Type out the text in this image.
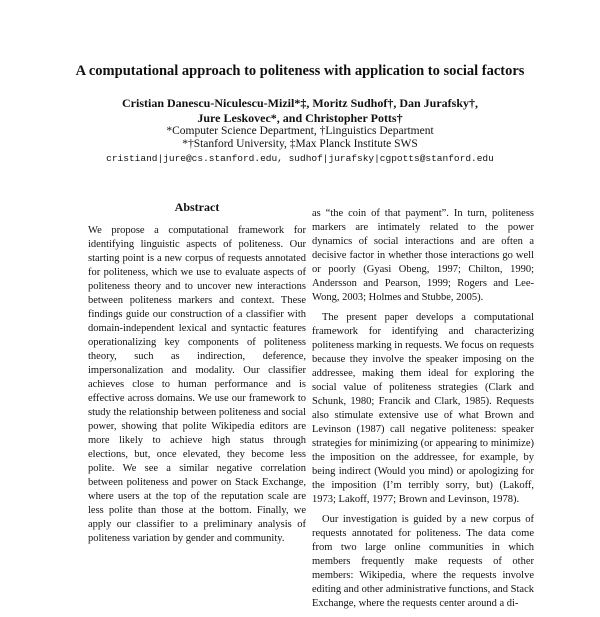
A computational approach to politeness with application to social factors
Cristian Danescu-Niculescu-Mizil*‡, Moritz Sudhof†, Dan Jurafsky†,
Jure Leskovec*, and Christopher Potts†
*Computer Science Department, †Linguistics Department
*†Stanford University, ‡Max Planck Institute SWS
cristiand|jure@cs.stanford.edu, sudhof|jurafsky|cgpotts@stanford.edu
Abstract

We propose a computational framework for identifying linguistic aspects of politeness. Our starting point is a new corpus of requests annotated for politeness, which we use to evaluate aspects of politeness theory and to uncover new interactions between politeness markers and context. These findings guide our construction of a classifier with domain-independent lexical and syntactic features operationalizing key components of politeness theory, such as indirection, deference, impersonalization and modality. Our classifier achieves close to human performance and is effective across domains. We use our framework to study the relationship between politeness and social power, showing that polite Wikipedia editors are more likely to achieve high status through elections, but, once elevated, they become less polite. We see a similar negative correlation between politeness and power on Stack Exchange, where users at the top of the reputation scale are less polite than those at the bottom. Finally, we apply our classifier to a preliminary analysis of politeness variation by gender and community.

as “the coin of that payment”. In turn, politeness markers are intimately related to the power dynamics of social interactions and are often a decisive factor in whether those interactions go well or poorly (Gyasi Obeng, 1997; Chilton, 1990; Andersson and Pearson, 1999; Rogers and Lee-Wong, 2003; Holmes and Stubbe, 2005).

The present paper develops a computational framework for identifying and characterizing politeness marking in requests. We focus on requests because they involve the speaker imposing on the addressee, making them ideal for exploring the social value of politeness strategies (Clark and Schunk, 1980; Francik and Clark, 1985). Requests also stimulate extensive use of what Brown and Levinson (1987) call negative politeness: speaker strategies for minimizing (or appearing to minimize) the imposition on the addressee, for example, by being indirect (Would you mind) or apologizing for the imposition (I’m terribly sorry, but) (Lakoff, 1973; Lakoff, 1977; Brown and Levinson, 1978).

Our investigation is guided by a new corpus of requests annotated for politeness. The data come from two large online communities in which members frequently make requests of other members: Wikipedia, where the requests involve editing and other administrative functions, and Stack Exchange, where the requests center around a di-
